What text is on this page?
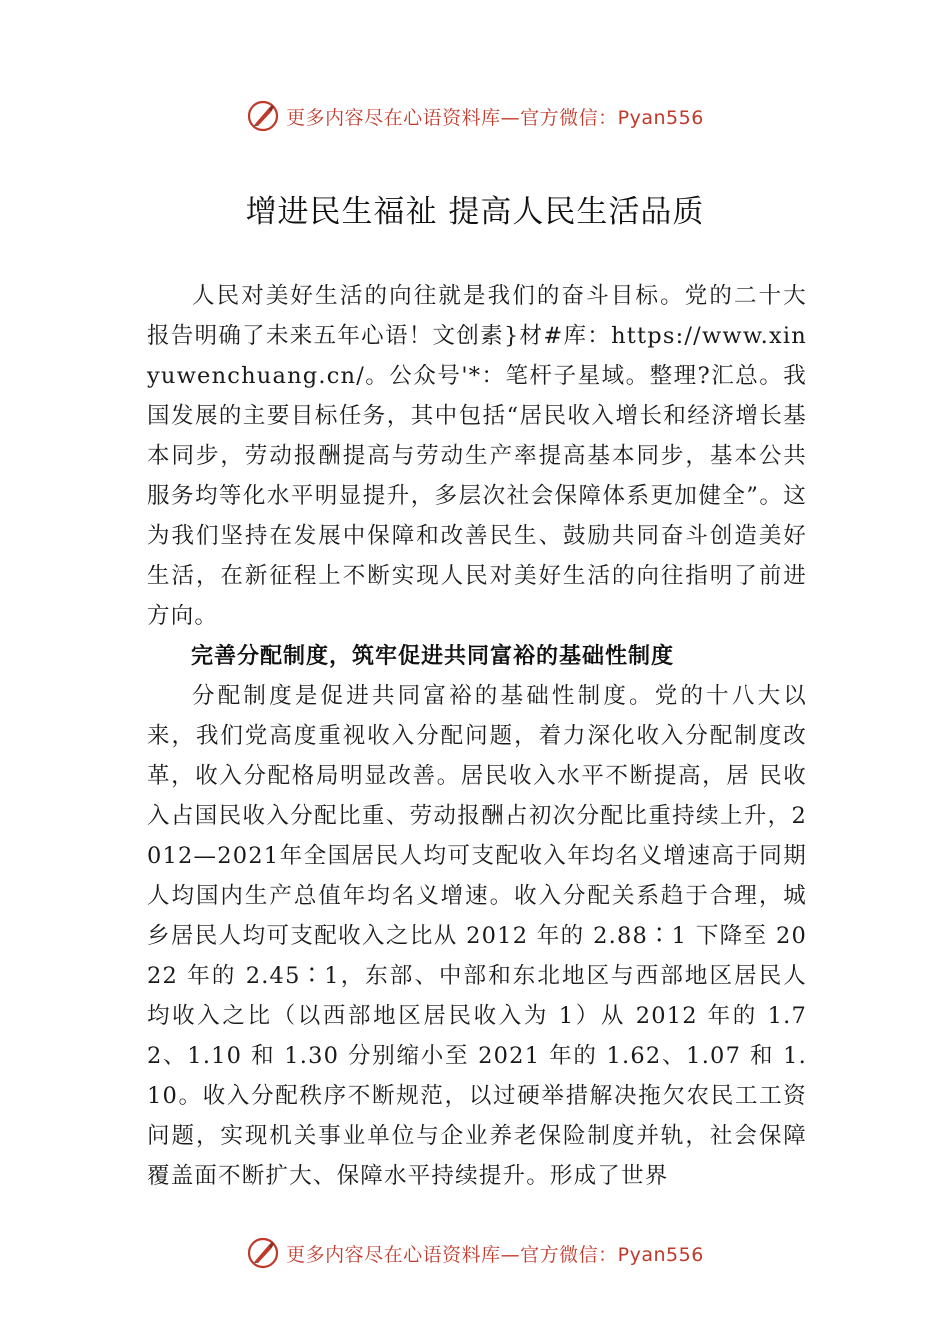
更多内容尽在心语资料库—官方微信：Pyan556
增进民生福祉 提高人民生活品质

人民对美好生活的向往就是我们的奋斗目标。党的二十大报告明确了未来五年心语！文创素}材#库：https://www.xinyuwenchuang.cn/。公众号'*：笔杆子星域。整理?汇总。我国发展的主要目标任务，其中包括“居民收入增长和经济增长基本同步，劳动报酬提高与劳动生产率提高基本同步，基本公共服务均等化水平明显提升，多层次社会保障体系更加健全”。这为我们坚持在发展中保障和改善民生、鼓励共同奋斗创造美好生活，在新征程上不断实现人民对美好生活的向往指明了前进方向。

完善分配制度，筑牢促进共同富裕的基础性制度

分配制度是促进共同富裕的基础性制度。党的十八大以来，我们党高度重视收入分配问题，着力深化收入分配制度改革，收入分配格局明显改善。居民收入水平不断提高，居 民收入占国民收入分配比重、劳动报酬占初次分配比重持续上升，2012—2021年全国居民人均可支配收入年均名义增速高于同期人均国内生产总值年均名义增速。收入分配关系趋于合理，城乡居民人均可支配收入之比从 2012 年的 2.88∶1 下降至 2022 年的 2.45∶1，东部、中部和东北地区与西部地区居民人均收入之比（以西部地区居民收入为 1）从 2012 年的 1.72、1.10 和 1.30 分别缩小至 2021 年的 1.62、1.07 和 1.10。收入分配秩序不断规范，以过硬举措解决拖欠农民工工资问题，实现机关事业单位与企业养老保险制度并轨，社会保障覆盖面不断扩大、保障水平持续提升。形成了世界

更多内容尽在心语资料库—官方微信：Pyan556
